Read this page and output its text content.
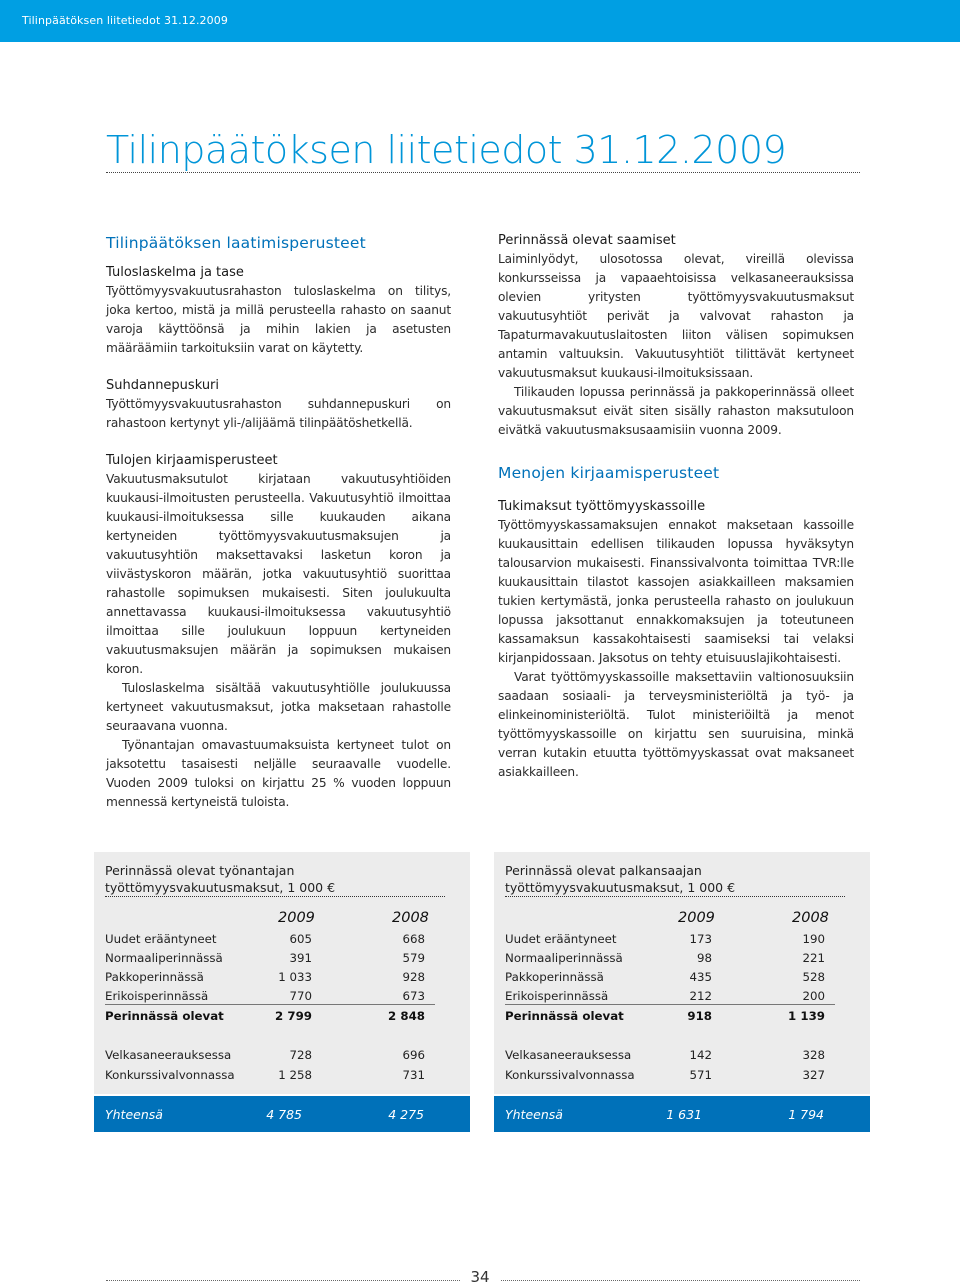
Tilinpäätöksen liitetiedot 31.12.2009
Tilinpäätöksen liitetiedot 31.12.2009
Tilinpäätöksen laatimisperusteet
Tuloslaskelma ja tase

Työttömyysvakuutusrahaston tuloslaskelma on tilitys, joka kertoo, mistä ja millä perusteella rahasto on saanut varoja käyttöönsä ja mihin lakien ja asetusten määräämiin tarkoituksiin varat on käytetty.

Suhdannepuskuri

Työttömyysvakuutusrahaston suhdannepuskuri on rahastoon kertynyt yli-/alijäämä tilinpäätöshetkellä.

Tulojen kirjaamisperusteet

Vakuutusmaksutulot kirjataan vakuutusyhtiöiden kuukausi-ilmoitusten perusteella. Vakuutusyhtiö ilmoittaa kuukausi-ilmoituksessa sille kuukauden aikana kertyneiden työttömyysvakuutusmaksujen ja vakuutusyhtiön maksettavaksi lasketun koron ja viivästyskoron määrän, jotka vakuutusyhtiö suorittaa rahastolle sopimuksen mukaisesti. Siten joulukuulta annettavassa kuukausi-ilmoituksessa vakuutusyhtiö ilmoittaa sille joulukuun loppuun kertyneiden vakuutusmaksujen määrän ja sopimuksen mukaisen koron.

Tuloslaskelma sisältää vakuutusyhtiölle joulukuussa kertyneet vakuutusmaksut, jotka maksetaan rahastolle seuraavana vuonna.

Työnantajan omavastuumaksuista kertyneet tulot on jaksotettu tasaisesti neljälle seuraavalle vuodelle. Vuoden 2009 tuloksi on kirjattu 25 % vuoden loppuun mennessä kertyneistä tuloista.

Perinnässä olevat saamiset

Laiminlyödyt, ulosotossa olevat, vireillä olevissa konkursseissa ja vapaaehtoisissa velkasaneerauksissa olevien yritysten työttömyysvakuutusmaksut vakuutusyhtiöt perivät ja valvovat rahaston ja Tapaturmavakuutuslaitosten liiton välisen sopimuksen antamin valtuuksin. Vakuutusyhtiöt tilittävät kertyneet vakuutusmaksut kuukausi-ilmoituksissaan.

Tilikauden lopussa perinnässä ja pakkoperinnässä olleet vakuutusmaksut eivät siten sisälly rahaston maksutuloon eivätkä vakuutusmaksusaamisiin vuonna 2009.

Menojen kirjaamisperusteet
Tukimaksut työttömyyskassoille

Työttömyyskassamaksujen ennakot maksetaan kassoille kuukausittain edellisen tilikauden lopussa hyväksytyn talousarvion mukaisesti. Finanssivalvonta toimittaa TVR:lle kuukausittain tilastot kassojen asiakkailleen maksamien tukien kertymästä, jonka perusteella rahasto on joulukuun lopussa jaksottanut ennakkomaksujen ja toteutuneen kassamaksun kassakohtaisesti saamiseksi tai velaksi kirjanpidossaan. Jaksotus on tehty etuisuuslajikohtaisesti.

Varat työttömyyskassoille maksettaviin valtionosuuksiin saadaan sosiaali- ja terveysministeriöltä ja työ- ja elinkeinoministeriöltä. Tulot ministeriöiltä ja menot työttömyyskassoille on kirjattu sen suuruisina, minkä verran kutakin etuutta työttömyyskassat ovat maksaneet asiakkailleen.

Perinnässä olevat työnantajan
työttömyysvakuutusmaksut, 1 000 €
2009	2008
Uudet erääntyneet	605	668
Normaaliperinnässä	391	579
Pakkoperinnässä	1 033	928
Erikoisperinnässä	770	673
Perinnässä olevat	2 799	2 848
Velkasaneerauksessa	728	696
Konkurssivalvonnassa	1 258	731
Yhteensä	4 785	4 275
Perinnässä olevat palkansaajan
työttömyysvakuutusmaksut, 1 000 €
2009	2008
Uudet erääntyneet	173	190
Normaaliperinnässä	98	221
Pakkoperinnässä	435	528
Erikoisperinnässä	212	200
Perinnässä olevat	918	1 139
Velkasaneerauksessa	142	328
Konkurssivalvonnassa	571	327
Yhteensä	1 631	1 794
34
